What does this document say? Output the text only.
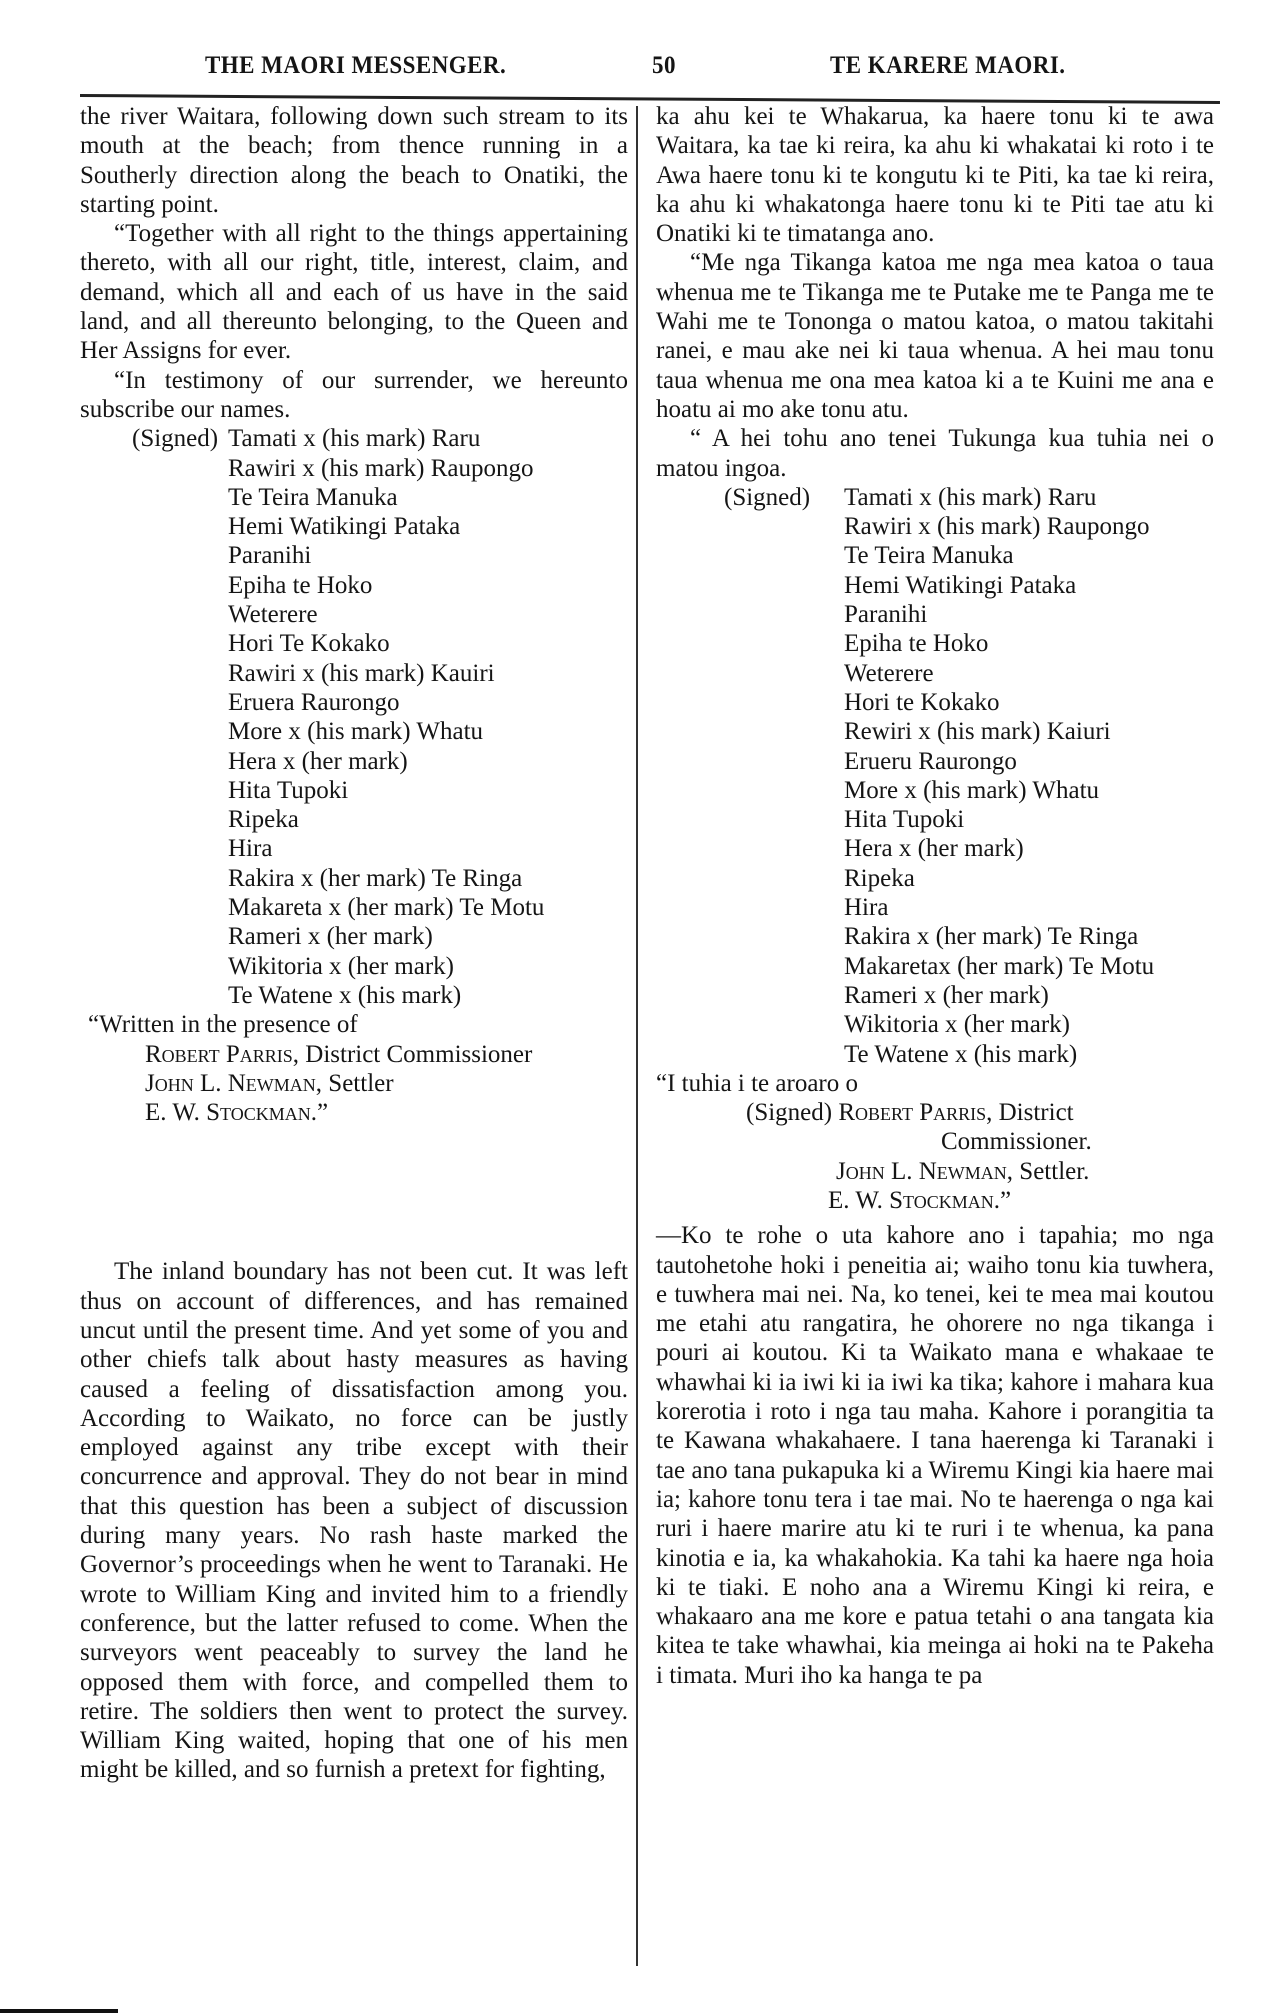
THE MAORI MESSENGER.	50	TE KARERE MAORI.

the river Waitara, following down such stream to its mouth at the beach; from thence running in a Southerly direction along the beach to Onatiki, the starting point.

“Together with all right to the things appertaining thereto, with all our right, title, interest, claim, and demand, which all and each of us have in the said land, and all thereunto belonging, to the Queen and Her Assigns for ever.

“In testimony of our surrender, we hereunto subscribe our names.

(Signed) Tamati x (his mark) Raru
Rawiri x (his mark) Raupongo
Te Teira Manuka
Hemi Watikingi Pataka
Paranihi
Epiha te Hoko
Weterere
Hori Te Kokako
Rawiri x (his mark) Kauiri
Eruera Raurongo
More x (his mark) Whatu
Hera x (her mark)
Hita Tupoki
Ripeka
Hira
Rakira x (her mark) Te Ringa
Makareta x (her mark) Te Motu
Rameri x (her mark)
Wikitoria x (her mark)
Te Watene x (his mark)

“Written in the presence of

Robert Parris, District Commissioner

John L. Newman, Settler

E. W. Stockman.”

The inland boundary has not been cut. It was left thus on account of differences, and has remained uncut until the present time. And yet some of you and other chiefs talk about hasty measures as having caused a feeling of dissatisfaction among you. According to Waikato, no force can be justly employed against any tribe except with their concurrence and approval. They do not bear in mind that this question has been a subject of discussion during many years. No rash haste marked the Governor’s proceedings when he went to Taranaki. He wrote to William King and invited him to a friendly conference, but the latter refused to come. When the surveyors went peaceably to survey the land he opposed them with force, and compelled them to retire. The soldiers then went to protect the survey. William King waited, hoping that one of his men might be killed, and so furnish a pretext for fighting,

ka ahu kei te Whakarua, ka haere tonu ki te awa Waitara, ka tae ki reira, ka ahu ki whakatai ki roto i te Awa haere tonu ki te kongutu ki te Piti, ka tae ki reira, ka ahu ki whakatonga haere tonu ki te Piti tae atu ki Onatiki ki te timatanga ano.

“Me nga Tikanga katoa me nga mea katoa o taua whenua me te Tikanga me te Putake me te Panga me te Wahi me te Tononga o matou katoa, o matou takitahi ranei, e mau ake nei ki taua whenua. A hei mau tonu taua whenua me ona mea katoa ki a te Kuini me ana e hoatu ai mo ake tonu atu.

“ A hei tohu ano tenei Tukunga kua tuhia nei o matou ingoa.

(Signed)	Tamati x (his mark) Raru
Rawiri x (his mark) Raupongo
Te Teira Manuka
Hemi Watikingi Pataka
Paranihi
Epiha te Hoko
Weterere
Hori te Kokako
Rewiri x (his mark) Kaiuri
Erueru Raurongo
More x (his mark) Whatu
Hita Tupoki
Hera x (her mark)
Ripeka
Hira
Rakira x (her mark) Te Ringa
Makaretax (her mark) Te Motu
Rameri x (her mark)
Wikitoria x (her mark)
Te Watene x (his mark)

“I tuhia i te aroaro o

(Signed) Robert Parris, District

Commissioner.

John L. Newman, Settler.

E. W. Stockman.”

—Ko te rohe o uta kahore ano i tapahia; mo nga tautohetohe hoki i peneitia ai; waiho tonu kia tuwhera, e tuwhera mai nei. Na, ko tenei, kei te mea mai koutou me etahi atu rangatira, he ohorere no nga tikanga i pouri ai koutou. Ki ta Waikato mana e whakaae te whawhai ki ia iwi ki ia iwi ka tika; kahore i mahara kua korerotia i roto i nga tau maha. Kahore i porangitia ta te Kawana whakahaere. I tana haerenga ki Taranaki i tae ano tana pukapuka ki a Wiremu Kingi kia haere mai ia; kahore tonu tera i tae mai. No te haerenga o nga kai ruri i haere marire atu ki te ruri i te whenua, ka pana kinotia e ia, ka whakahokia. Ka tahi ka haere nga hoia ki te tiaki. E noho ana a Wiremu Kingi ki reira, e whakaaro ana me kore e patua tetahi o ana tangata kia kitea te take whawhai, kia meinga ai hoki na te Pakeha i timata. Muri iho ka hanga te pa
